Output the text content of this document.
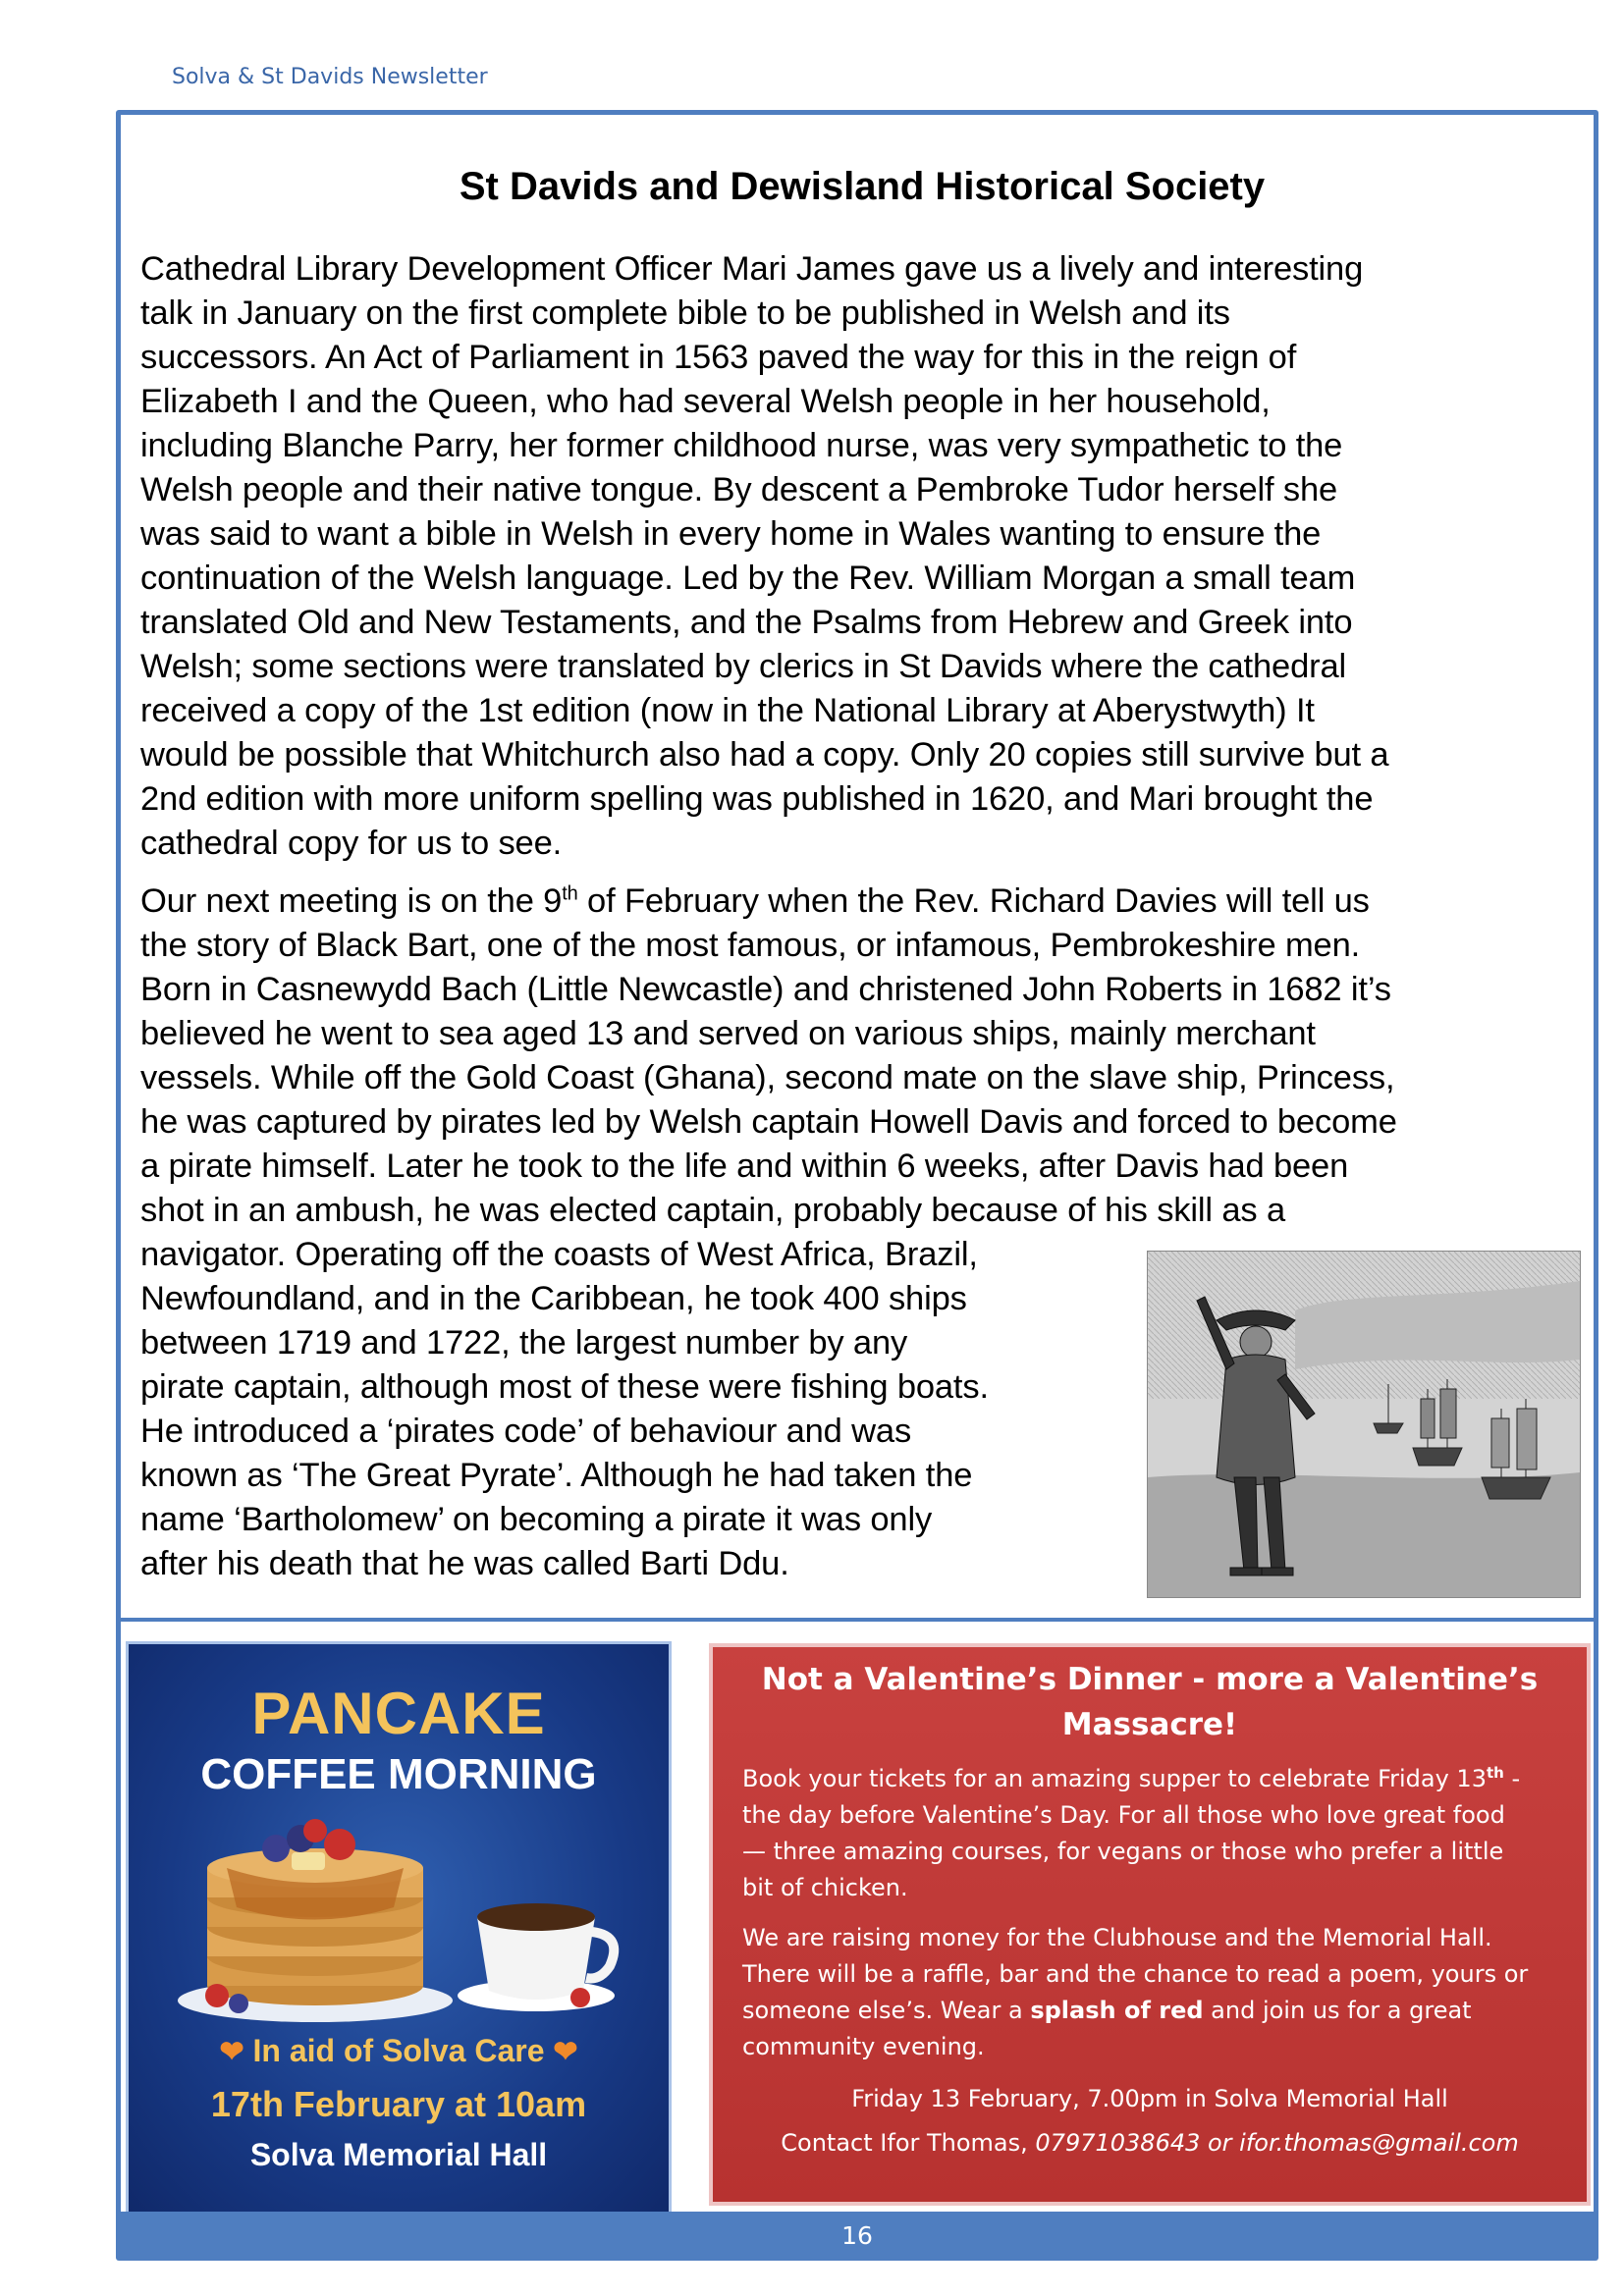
Solva & St Davids Newsletter
St Davids and Dewisland Historical Society

Cathedral Library Development Officer Mari James gave us a lively and interesting
talk in January on the first complete bible to be published in Welsh and its
successors. An Act of Parliament in 1563 paved the way for this in the reign of
Elizabeth I and the Queen, who had several Welsh people in her household,
including Blanche Parry, her former childhood nurse, was very sympathetic to the
Welsh people and their native tongue. By descent a Pembroke Tudor herself she
was said to want a bible in Welsh in every home in Wales wanting to ensure the
continuation of the Welsh language. Led by the Rev. William Morgan a small team
translated Old and New Testaments, and the Psalms from Hebrew and Greek into
Welsh; some sections were translated by clerics in St Davids where the cathedral
received a copy of the 1st edition (now in the National Library at Aberystwyth) It
would be possible that Whitchurch also had a copy. Only 20 copies still survive but a
2nd edition with more uniform spelling was published in 1620, and Mari brought the
cathedral copy for us to see.

Our next meeting is on the 9th of February when the Rev. Richard Davies will tell us
the story of Black Bart, one of the most famous, or infamous, Pembrokeshire men.
Born in Casnewydd Bach (Little Newcastle) and christened John Roberts in 1682 it’s
believed he went to sea aged 13 and served on various ships, mainly merchant
vessels. While off the Gold Coast (Ghana), second mate on the slave ship, Princess,
he was captured by pirates led by Welsh captain Howell Davis and forced to become
a pirate himself. Later he took to the life and within 6 weeks, after Davis had been
shot in an ambush, he was elected captain, probably because of his skill as a
navigator. Operating off the coasts of West Africa, Brazil,
Newfoundland, and in the Caribbean, he took 400 ships
between 1719 and 1722, the largest number by any
pirate captain, although most of these were fishing boats.
He introduced a ‘pirates code’ of behaviour and was
known as ‘The Great Pyrate’. Although he had taken the
name ‘Bartholomew’ on becoming a pirate it was only
after his death that he was called Barti Ddu.

PANCAKE
COFFEE MORNING
❤ In aid of Solva Care ❤
17th February at 10am
Solva Memorial Hall
Not a Valentine’s Dinner - more a Valentine’s
Massacre!

Book your tickets for an amazing supper to celebrate Friday 13th -
the day before Valentine’s Day. For all those who love great food
— three amazing courses, for vegans or those who prefer a little
bit of chicken.

We are raising money for the Clubhouse and the Memorial Hall.
There will be a raffle, bar and the chance to read a poem, yours or
someone else’s. Wear a splash of red and join us for a great
community evening.

Friday 13 February, 7.00pm in Solva Memorial Hall

Contact Ifor Thomas, 07971038643 or ifor.thomas@gmail.com

16
